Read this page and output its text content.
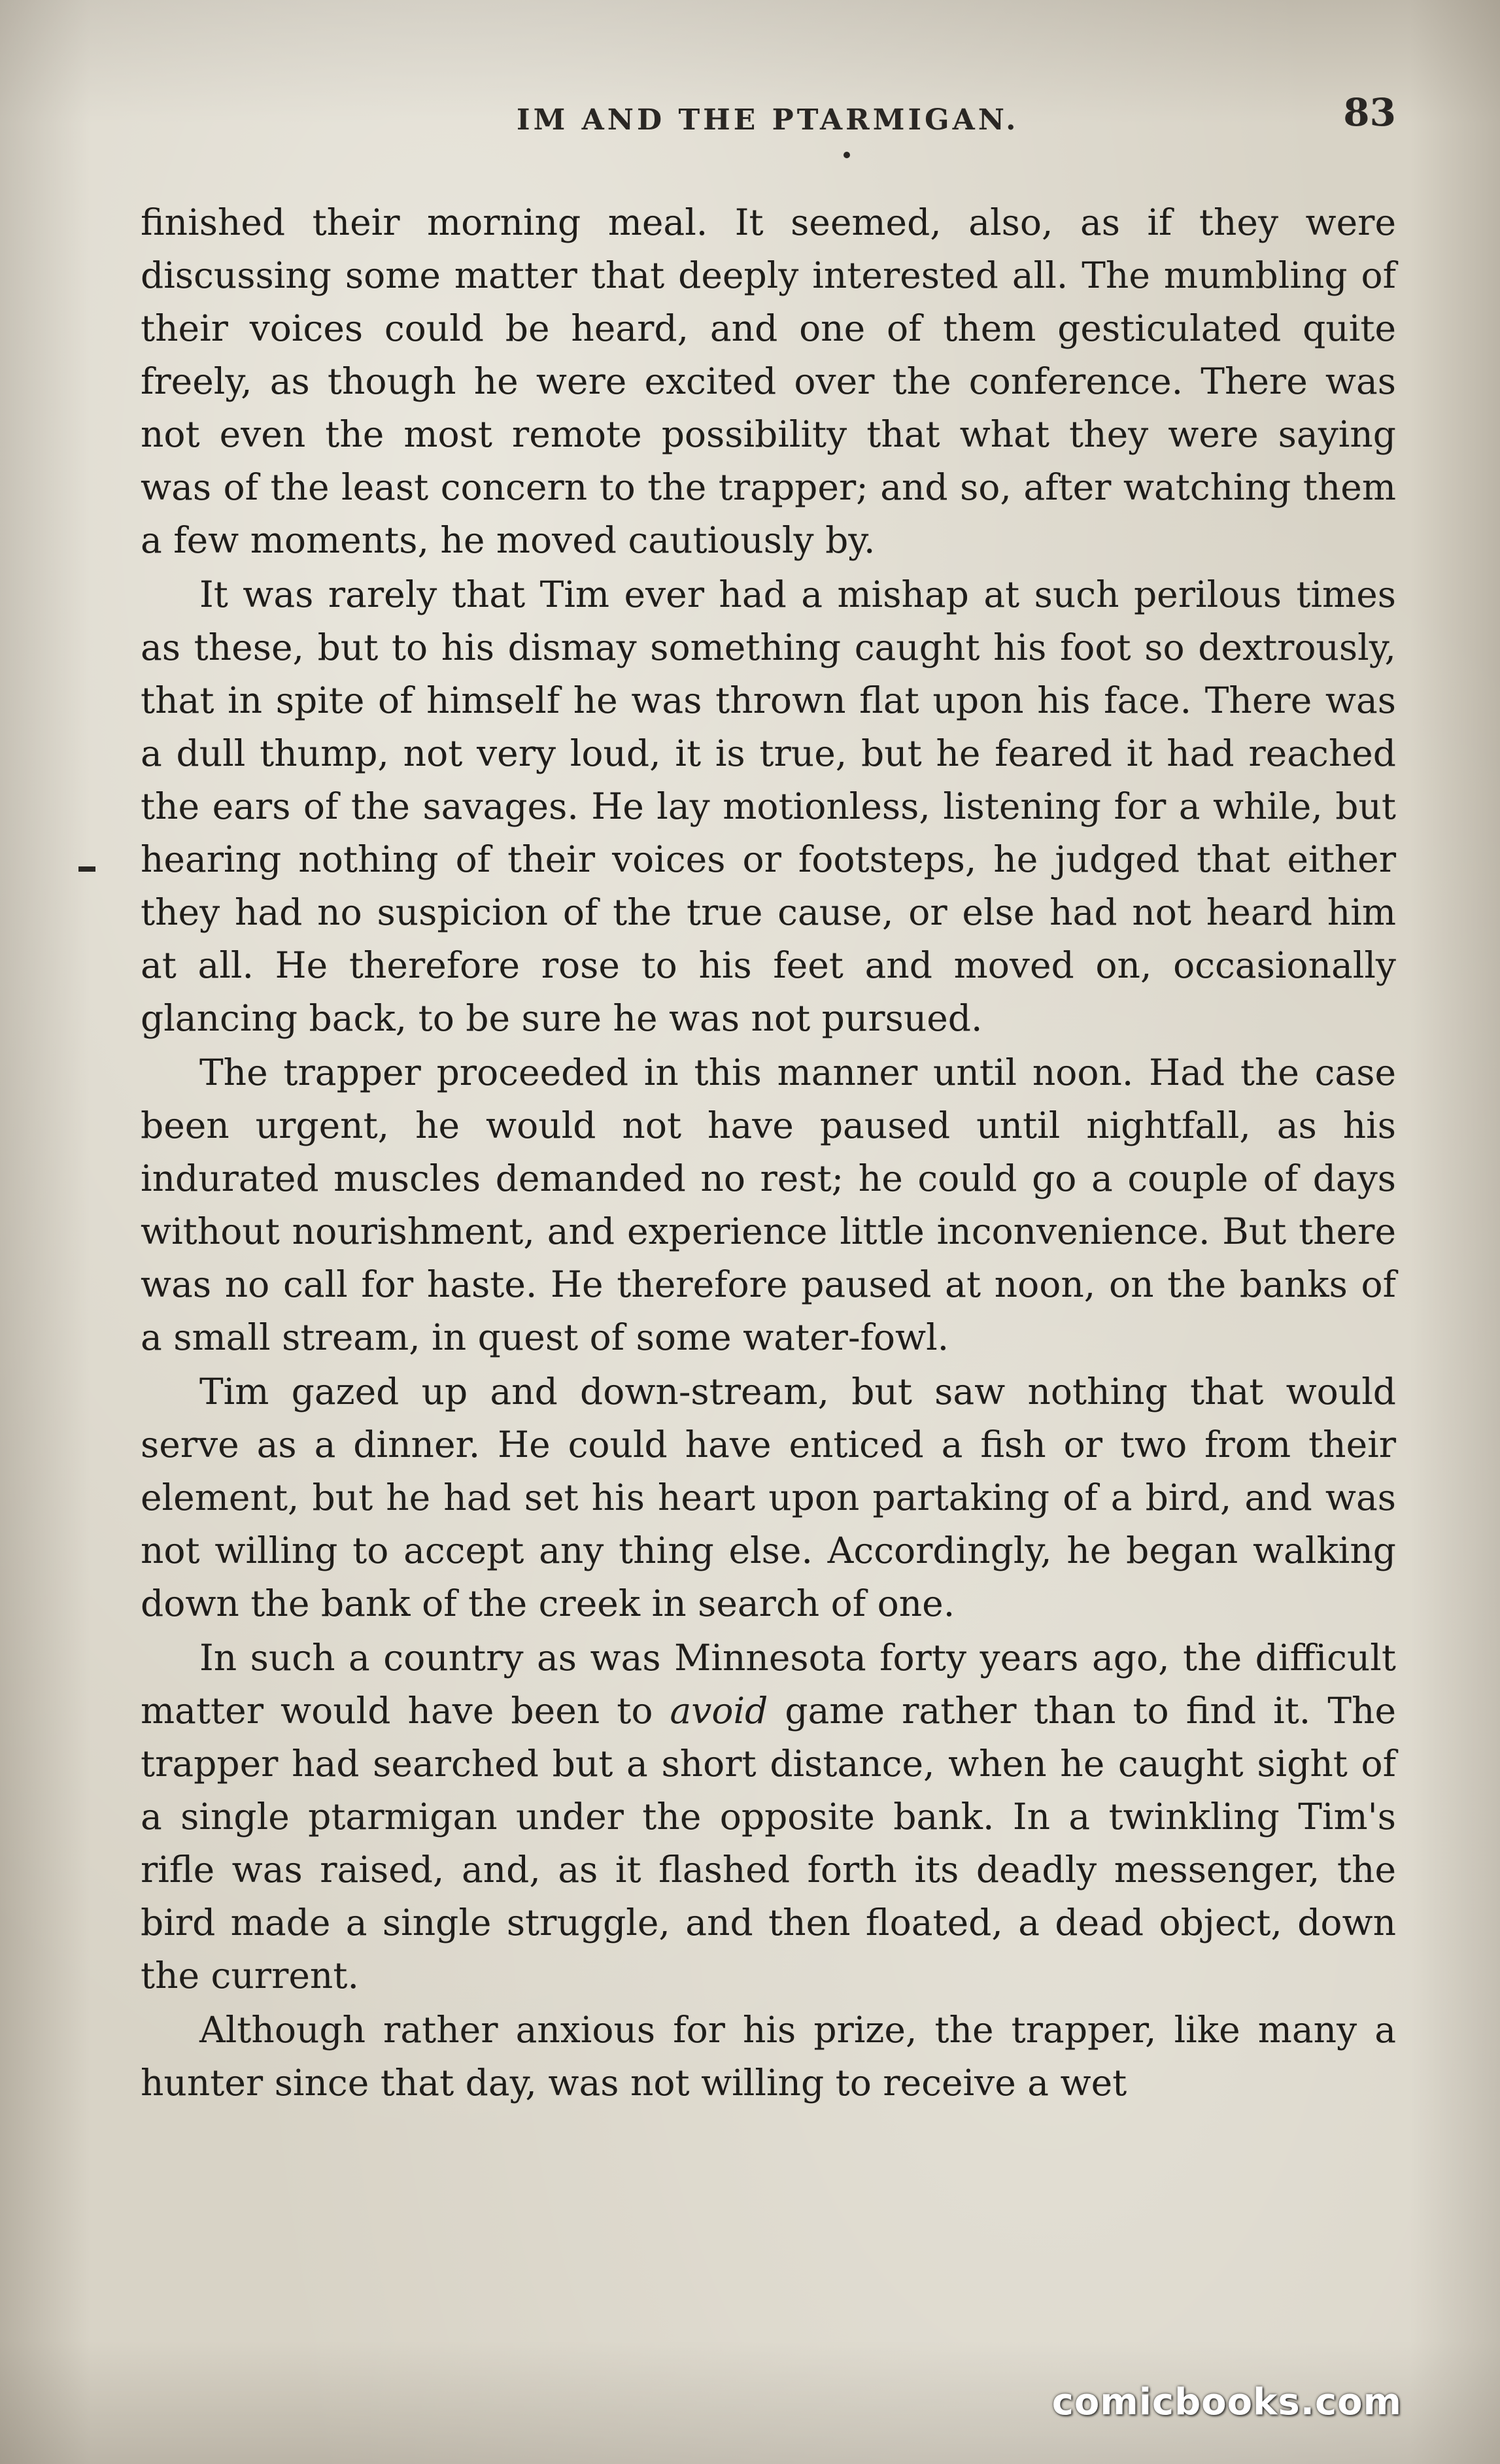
IM AND THE PTARMIGAN.	83

finished their morning meal. It seemed, also, as if they were discussing some matter that deeply interested all. The mumbling of their voices could be heard, and one of them gesticulated quite freely, as though he were excited over the conference. There was not even the most remote possibility that what they were saying was of the least concern to the trapper; and so, after watching them a few moments, he moved cautiously by.

It was rarely that Tim ever had a mishap at such perilous times as these, but to his dismay something caught his foot so dextrously, that in spite of himself he was thrown flat upon his face. There was a dull thump, not very loud, it is true, but he feared it had reached the ears of the savages. He lay motionless, listening for a while, but hearing nothing of their voices or footsteps, he judged that either they had no suspicion of the true cause, or else had not heard him at all. He therefore rose to his feet and moved on, occasionally glancing back, to be sure he was not pursued.

The trapper proceeded in this manner until noon. Had the case been urgent, he would not have paused until nightfall, as his indurated muscles demanded no rest; he could go a couple of days without nourishment, and experience little inconvenience. But there was no call for haste. He therefore paused at noon, on the banks of a small stream, in quest of some water-fowl.

Tim gazed up and down-stream, but saw nothing that would serve as a dinner. He could have enticed a fish or two from their element, but he had set his heart upon partaking of a bird, and was not willing to accept any thing else. Accordingly, he began walking down the bank of the creek in search of one.

In such a country as was Minnesota forty years ago, the difficult matter would have been to avoid game rather than to find it. The trapper had searched but a short distance, when he caught sight of a single ptarmigan under the opposite bank. In a twinkling Tim's rifle was raised, and, as it flashed forth its deadly messenger, the bird made a single struggle, and then floated, a dead object, down the current.

Although rather anxious for his prize, the trapper, like many a hunter since that day, was not willing to receive a wet

comicbooks.com
